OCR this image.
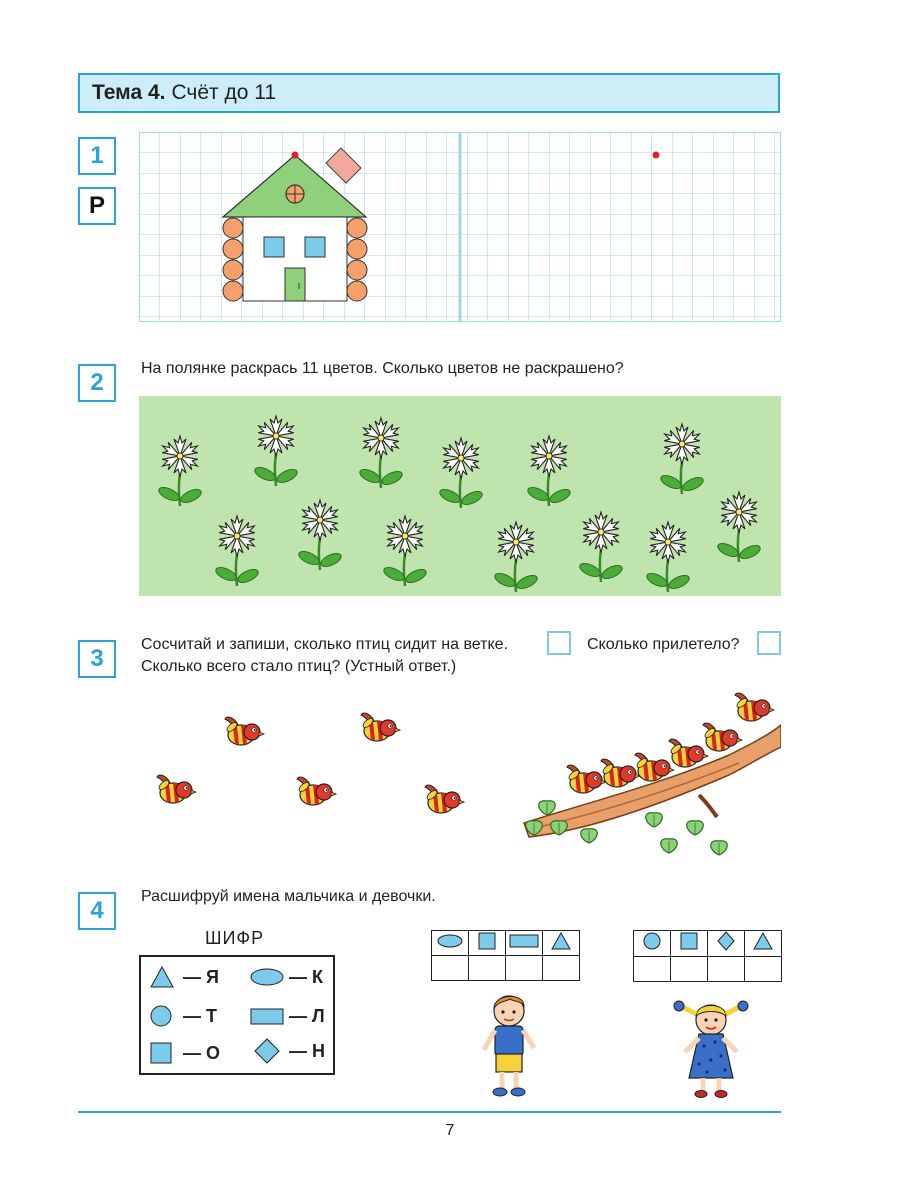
Тема 4. Счёт до 11
1
Р
2
На полянке раскрась 11 цветов. Сколько цветов не раскрашено?
3
Сосчитай и запиши, сколько птиц сидит на ветке.	Сколько прилетело?
Сколько всего стало птиц? (Устный ответ.)
4
Расшифруй имена мальчика и девочки.
ШИФР
— Я	— К
— Т	— Л
— О	— Н

7
